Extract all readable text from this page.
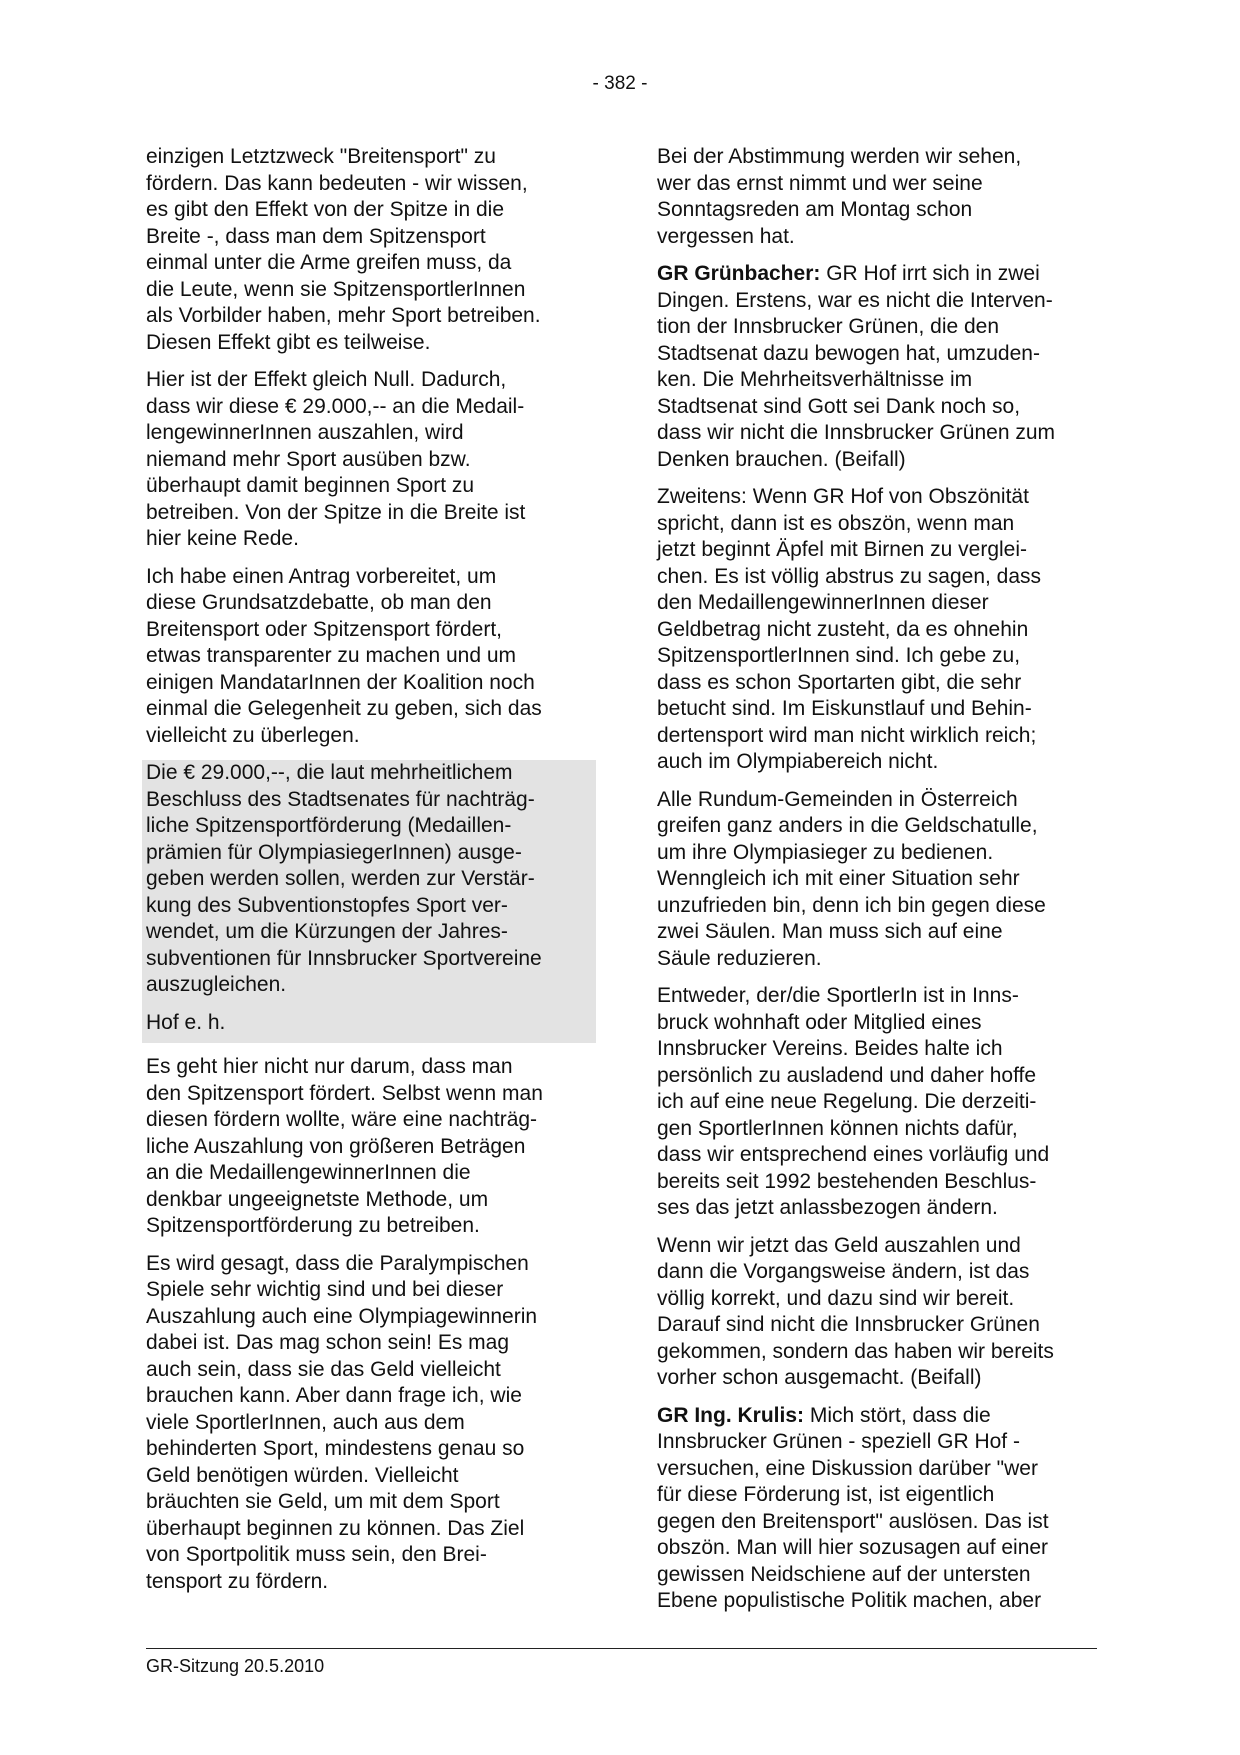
- 382 -
einzigen Letztzweck "Breitensport" zu
fördern. Das kann bedeuten - wir wissen,
es gibt den Effekt von der Spitze in die
Breite -, dass man dem Spitzensport
einmal unter die Arme greifen muss, da
die Leute, wenn sie SpitzensportlerInnen
als Vorbilder haben, mehr Sport betreiben.
Diesen Effekt gibt es teilweise.
Hier ist der Effekt gleich Null. Dadurch,
dass wir diese € 29.000,-- an die Medail-
lengewinnerInnen auszahlen, wird
niemand mehr Sport ausüben bzw.
überhaupt damit beginnen Sport zu
betreiben. Von der Spitze in die Breite ist
hier keine Rede.
Ich habe einen Antrag vorbereitet, um
diese Grundsatzdebatte, ob man den
Breitensport oder Spitzensport fördert,
etwas transparenter zu machen und um
einigen MandatarInnen der Koalition noch
einmal die Gelegenheit zu geben, sich das
vielleicht zu überlegen.
Die € 29.000,--, die laut mehrheitlichem
Beschluss des Stadtsenates für nachträg-
liche Spitzensportförderung (Medaillen-
prämien für OlympiasiegerInnen) ausge-
geben werden sollen, werden zur Verstär-
kung des Subventionstopfes Sport ver-
wendet, um die Kürzungen der Jahres-
subventionen für Innsbrucker Sportvereine
auszugleichen.
Hof e. h.
Es geht hier nicht nur darum, dass man
den Spitzensport fördert. Selbst wenn man
diesen fördern wollte, wäre eine nachträg-
liche Auszahlung von größeren Beträgen
an die MedaillengewinnerInnen die
denkbar ungeeignetste Methode, um
Spitzensportförderung zu betreiben.
Es wird gesagt, dass die Paralympischen
Spiele sehr wichtig sind und bei dieser
Auszahlung auch eine Olympiagewinnerin
dabei ist. Das mag schon sein! Es mag
auch sein, dass sie das Geld vielleicht
brauchen kann. Aber dann frage ich, wie
viele SportlerInnen, auch aus dem
behinderten Sport, mindestens genau so
Geld benötigen würden. Vielleicht
bräuchten sie Geld, um mit dem Sport
überhaupt beginnen zu können. Das Ziel
von Sportpolitik muss sein, den Brei-
tensport zu fördern.
Bei der Abstimmung werden wir sehen,
wer das ernst nimmt und wer seine
Sonntagsreden am Montag schon
vergessen hat.
GR Grünbacher: GR Hof irrt sich in zwei
Dingen. Erstens, war es nicht die Interven-
tion der Innsbrucker Grünen, die den
Stadtsenat dazu bewogen hat, umzuden-
ken. Die Mehrheitsverhältnisse im
Stadtsenat sind Gott sei Dank noch so,
dass wir nicht die Innsbrucker Grünen zum
Denken brauchen. (Beifall)
Zweitens: Wenn GR Hof von Obszönität
spricht, dann ist es obszön, wenn man
jetzt beginnt Äpfel mit Birnen zu verglei-
chen. Es ist völlig abstrus zu sagen, dass
den MedaillengewinnerInnen dieser
Geldbetrag nicht zusteht, da es ohnehin
SpitzensportlerInnen sind. Ich gebe zu,
dass es schon Sportarten gibt, die sehr
betucht sind. Im Eiskunstlauf und Behin-
dertensport wird man nicht wirklich reich;
auch im Olympiabereich nicht.
Alle Rundum-Gemeinden in Österreich
greifen ganz anders in die Geldschatulle,
um ihre Olympiasieger zu bedienen.
Wenngleich ich mit einer Situation sehr
unzufrieden bin, denn ich bin gegen diese
zwei Säulen. Man muss sich auf eine
Säule reduzieren.
Entweder, der/die SportlerIn ist in Inns-
bruck wohnhaft oder Mitglied eines
Innsbrucker Vereins. Beides halte ich
persönlich zu ausladend und daher hoffe
ich auf eine neue Regelung. Die derzeiti-
gen SportlerInnen können nichts dafür,
dass wir entsprechend eines vorläufig und
bereits seit 1992 bestehenden Beschlus-
ses das jetzt anlassbezogen ändern.
Wenn wir jetzt das Geld auszahlen und
dann die Vorgangsweise ändern, ist das
völlig korrekt, und dazu sind wir bereit.
Darauf sind nicht die Innsbrucker Grünen
gekommen, sondern das haben wir bereits
vorher schon ausgemacht. (Beifall)
GR Ing. Krulis: Mich stört, dass die
Innsbrucker Grünen - speziell GR Hof -
versuchen, eine Diskussion darüber "wer
für diese Förderung ist, ist eigentlich
gegen den Breitensport" auslösen. Das ist
obszön. Man will hier sozusagen auf einer
gewissen Neidschiene auf der untersten
Ebene populistische Politik machen, aber
GR-Sitzung 20.5.2010
